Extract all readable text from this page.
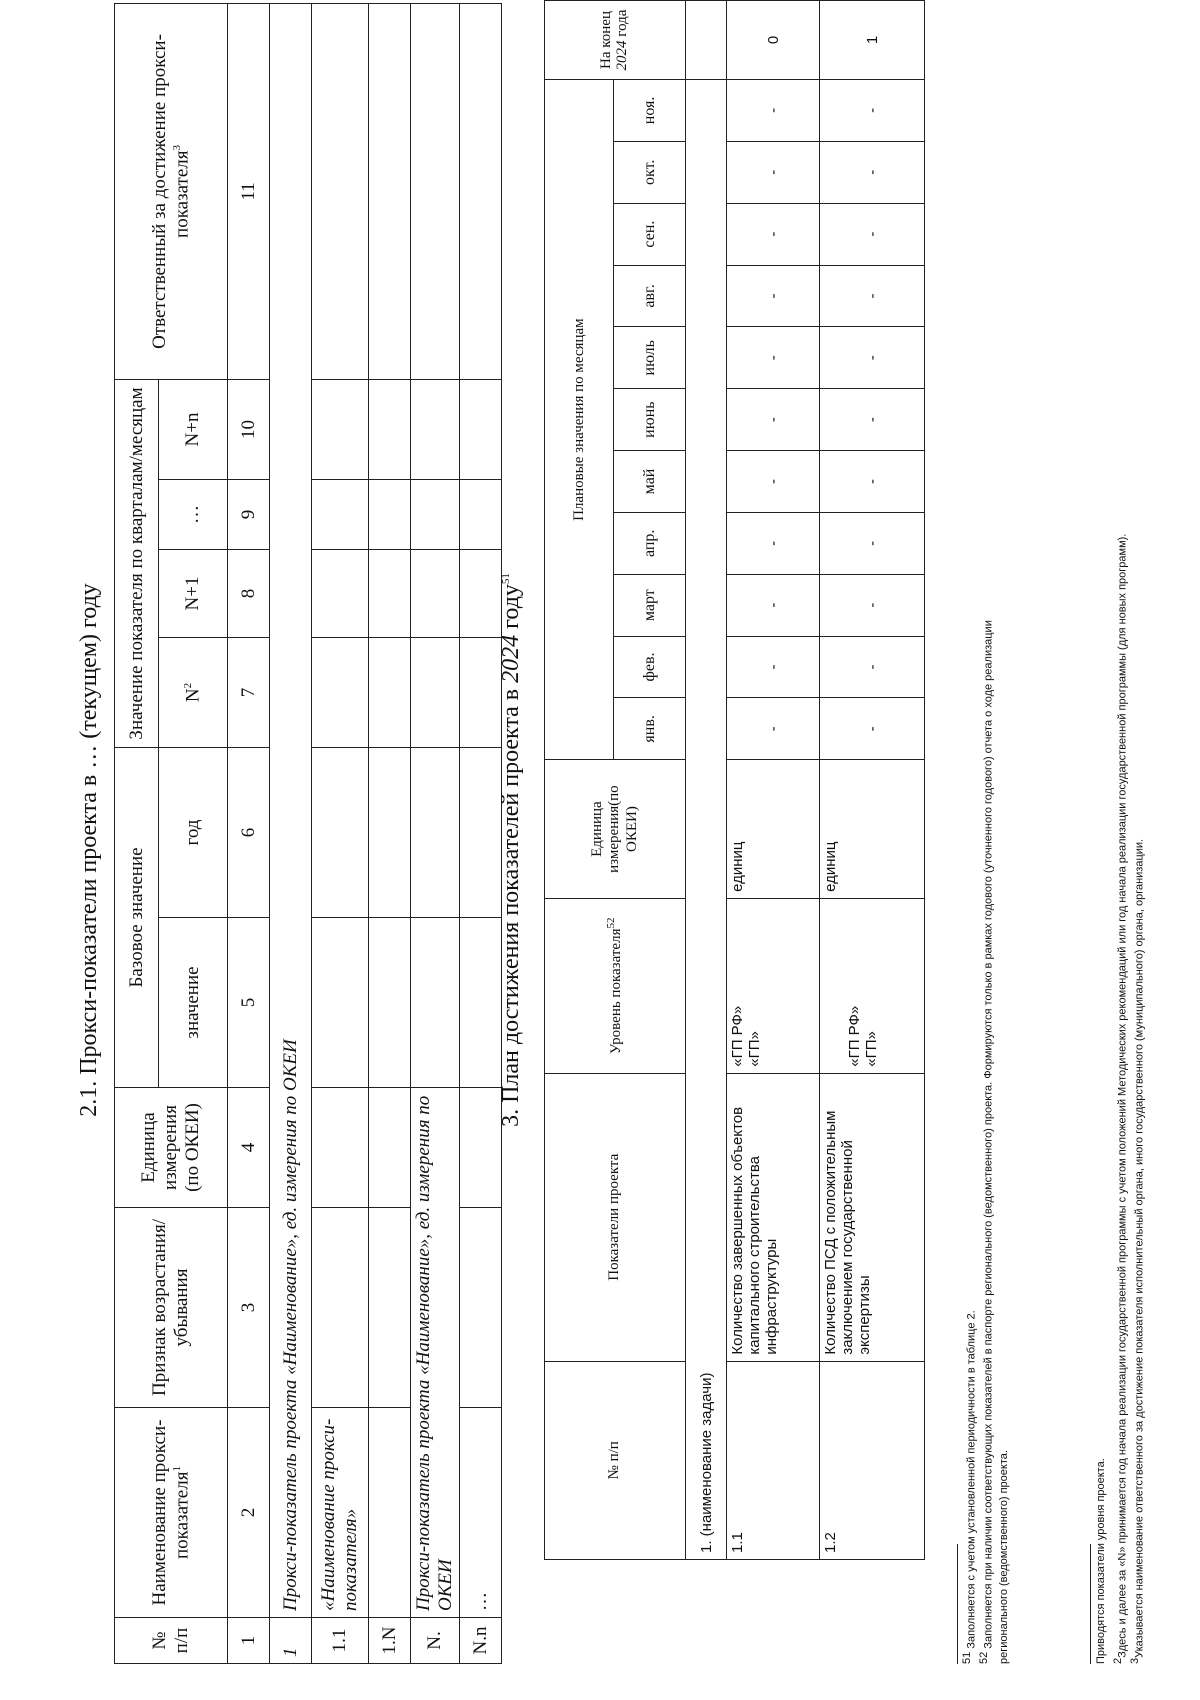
2.1. Прокси-показатели проекта в … (текущем) году
№ п/п	Наименование прокси-показателя$^1$	Признак возрастания/убывания	Единица измерения (по ОКЕИ)	Базовое значение		Значение показателя по кварталам/месяцам				Ответственный за достижение прокси-показателя$^3$
				значение	год	$N^2$	N+1	…	N+n	
1	2	3	4	5	6	7	8	9	10	11
1	Прокси-показатель проекта «Наименование», ед. измерения по ОКЕИ									
1.1	«Наименование прокси-показателя»									
1.N										
N.	Прокси-показатель проекта «Наименование», ед. измерения по ОКЕИ									
N.n	…									
3. План достижения показателей проекта в 2024 году$^{51}$
№ п/п	Показатели проекта	Уровень показателя$^{52}$	Единица измерения(по ОКЕИ)	Плановые значения по месяцам											На конец 2024 года
				янв.	фев.	март	апр.	май	июнь	июль	авг.	сен.	окт.	ноя.	
1. (наименование задачи)															
1.1	Количество завершенных объектов капитального строительства инфраструктуры	«ГП РФ» «ГП»	единиц	-	-	-	-	-	-	-	-	-	-	-	0
1.2	Количество ПСД с положительным заключением государственной экспертизы	«ГП РФ» «ГП»	единиц	-	-	-	-	-	-	-	-	-	-	-	1
$^{51}$ Заполняется с учетом установленной периодичности в таблице 2.
$^{52}$ Заполняется при наличии соответствующих показателей в паспорте регионального (ведомственного) проекта. Формируются только в рамках годового (уточненного годового) отчета о ходе реализации регионального (ведомственного) проекта.	Приводятся показатели уровня проекта. $^2$Здесь и далее за «N» принимается год начала реализации государственной программы с учетом положений Методических рекомендаций или год начала реализации государственной программы (для новых программ).
$^3$Указывается наименование ответственного за достижение показателя исполнительный органа, иного государственного (муниципального) органа, организации.
